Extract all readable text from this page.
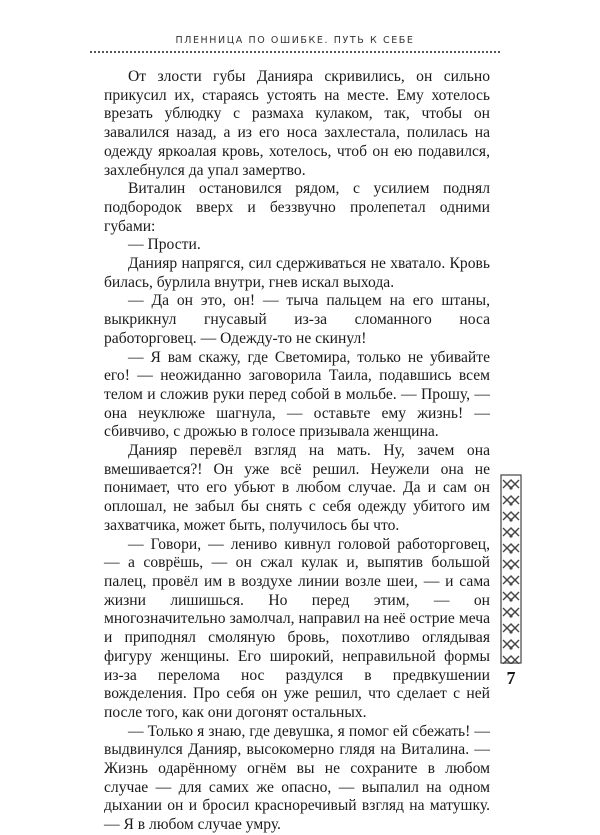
ПЛЕННИЦА ПО ОШИБКЕ. ПУТЬ К СЕБЕ

От злости губы Данияра скривились, он сильно прикусил их, стараясь устоять на месте. Ему хотелось врезать ублюдку с размаха кулаком, так, чтобы он завалился назад, а из его носа захлестала, полилась на одежду яркоалая кровь, хотелось, чтоб он ею подавился, захлебнулся да упал замертво.

Виталин остановился рядом, с усилием поднял подбородок вверх и беззвучно пролепетал одними губами:

— Прости.

Данияр напрягся, сил сдерживаться не хватало. Кровь билась, бурлила внутри, гнев искал выхода.

— Да он это, он! — тыча пальцем на его штаны, выкрикнул гнусавый из-за сломанного носа работорговец. — Одежду-то не скинул!

— Я вам скажу, где Светомира, только не убивайте его! — неожиданно заговорила Таила, подавшись всем телом и сложив руки перед собой в мольбе. — Прошу, — она неуклюже шагнула, — оставьте ему жизнь! — сбивчиво, с дрожью в голосе призывала женщина.

Данияр перевёл взгляд на мать. Ну, зачем она вмешивается?! Он уже всё решил. Неужели она не понимает, что его убьют в любом случае. Да и сам он оплошал, не забыл бы снять с себя одежду убитого им захватчика, может быть, получилось бы что.

— Говори, — лениво кивнул головой работорговец, — а соврёшь, — он сжал кулак и, выпятив большой палец, провёл им в воздухе линии возле шеи, — и сама жизни лишишься. Но перед этим, — он многозначительно замолчал, направил на неё острие меча и приподнял смоляную бровь, похотливо оглядывая фигуру женщины. Его широкий, неправильной формы из-за перелома нос раздулся в предвкушении вожделения. Про себя он уже решил, что сделает с ней после того, как они догонят остальных.

— Только я знаю, где девушка, я помог ей сбежать! — выдвинулся Данияр, высокомерно глядя на Виталина. — Жизнь одарённому огнём вы не сохраните в любом случае — для самих же опасно, — выпалил на одном дыхании он и бросил красноречивый взгляд на матушку. — Я в любом случае умру.

7
